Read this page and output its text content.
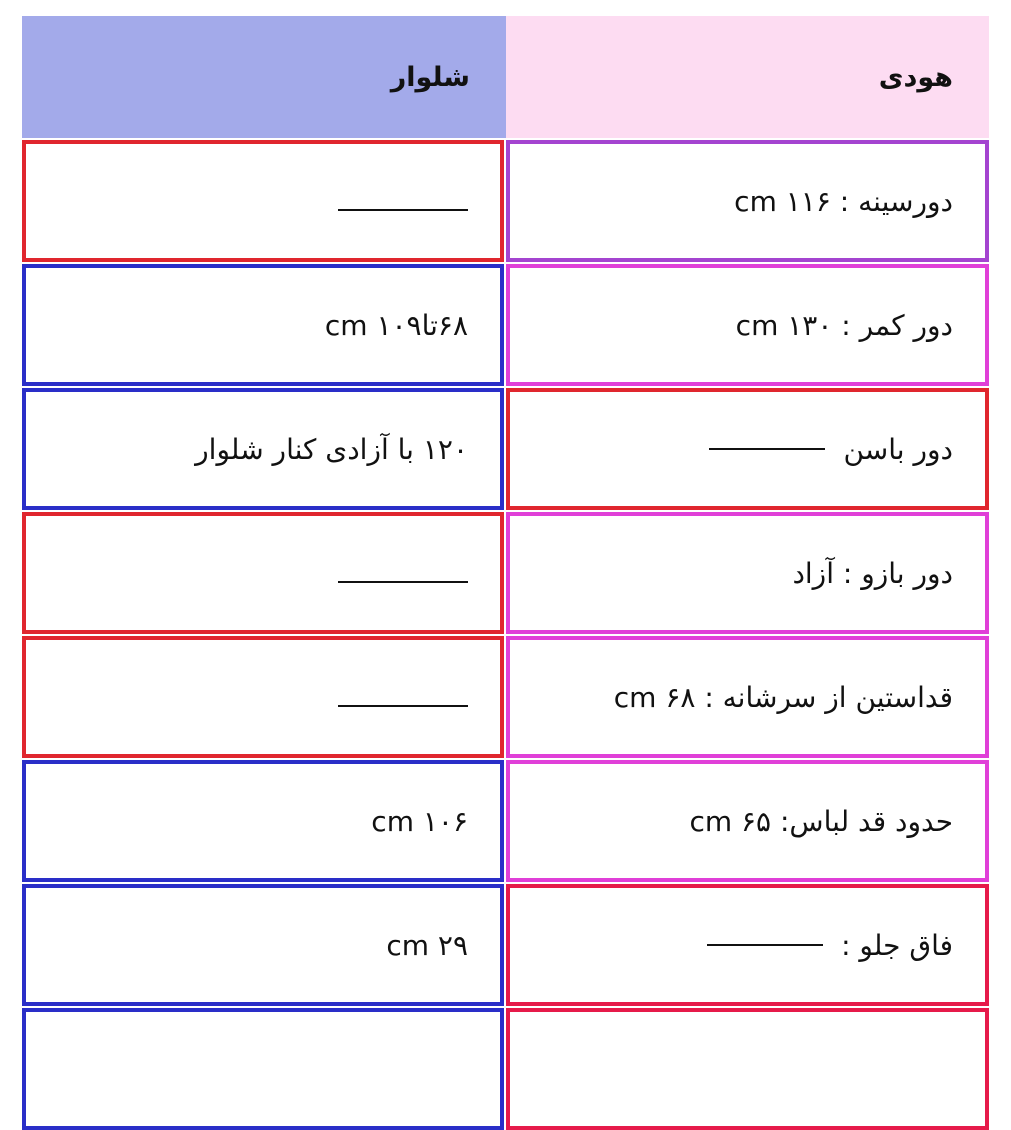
هودی
شلوار
دورسینه : ۱۱۶ cm
دور کمر : ۱۳۰ cm
۶۸تا۱۰۹ cm
دور باسن
۱۲۰ با آزادی کنار شلوار
دور بازو : آزاد
قداستین از سرشانه : ۶۸ cm
حدود قد لباس: ۶۵ cm
۱۰۶ cm
فاق جلو :
۲۹ cm
